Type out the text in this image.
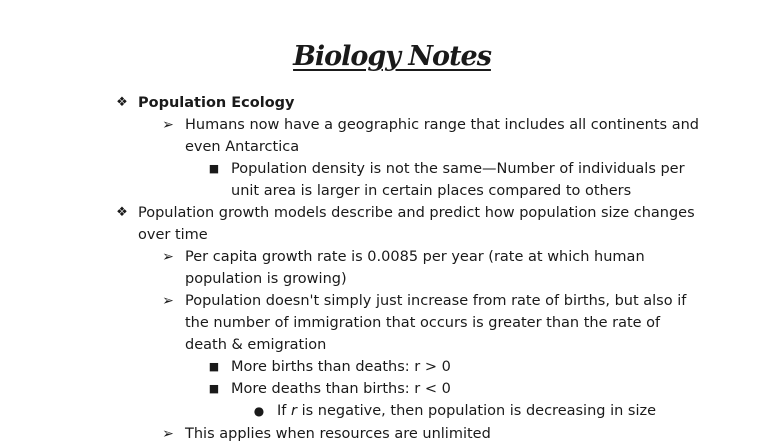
Biology Notes
❖ Population Ecology
➢ Humans now have a geographic range that includes all continents and
even Antarctica
■ Population density is not the same—Number of individuals per
unit area is larger in certain places compared to others
❖ Population growth models describe and predict how population size changes
over time
➢ Per capita growth rate is 0.0085 per year (rate at which human
population is growing)
➢ Population doesn't simply just increase from rate of births, but also if
the number of immigration that occurs is greater than the rate of
death & emigration
■ More births than deaths: r > 0
■ More deaths than births: r < 0
● If r is negative, then population is decreasing in size
➢ This applies when resources are unlimited
